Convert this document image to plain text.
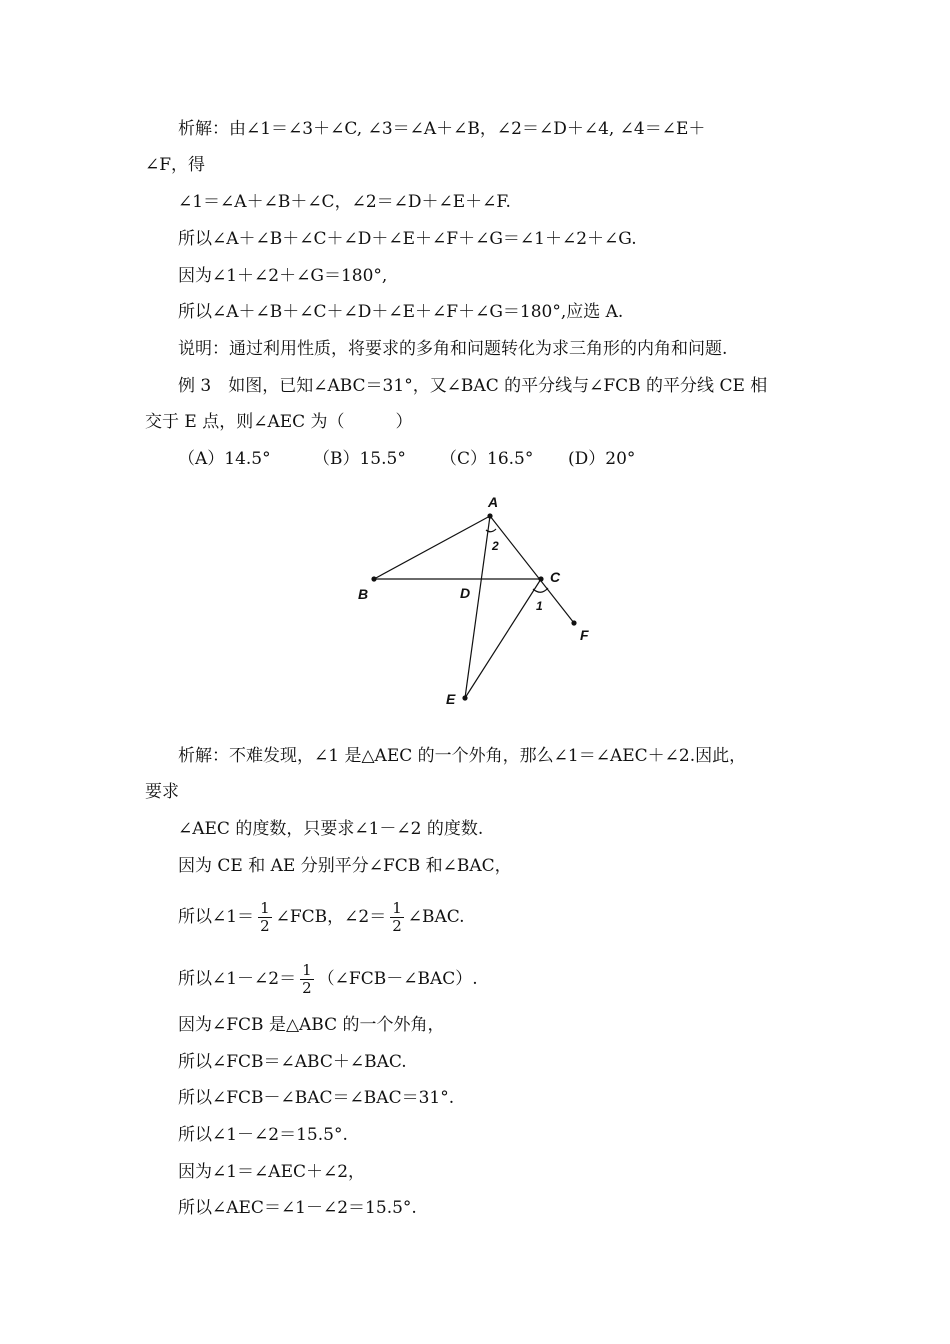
析解：由∠1＝∠3＋∠C, ∠3＝∠A＋∠B，∠2＝∠D＋∠4, ∠4＝∠E＋
∠F，得
∠1＝∠A＋∠B＋∠C，∠2＝∠D＋∠E＋∠F.
所以∠A＋∠B＋∠C＋∠D＋∠E＋∠F＋∠G＝∠1＋∠2＋∠G.
因为∠1＋∠2＋∠G＝180°,
所以∠A＋∠B＋∠C＋∠D＋∠E＋∠F＋∠G＝180°,应选 A.
说明：通过利用性质，将要求的多角和问题转化为求三角形的内角和问题.
例 3　如图，已知∠ABC＝31°，又∠BAC 的平分线与∠FCB 的平分线 CE 相
交于 E 点，则∠AEC 为（　　　）
（A）14.5° （B）15.5° （C）16.5° (D）20°
A
B
C
D
E
F
2
1
析解：不难发现，∠1 是△AEC 的一个外角，那么∠1＝∠AEC＋∠2.因此，
要求
∠AEC 的度数，只要求∠1－∠2 的度数.
因为 CE 和 AE 分别平分∠FCB 和∠BAC，
所以∠1＝ $\frac{1}{2}$ ∠FCB，∠2＝ $\frac{1}{2}$ ∠BAC.
所以∠1－∠2＝ $\frac{1}{2}$ （∠FCB－∠BAC）.
因为∠FCB 是△ABC 的一个外角，
所以∠FCB＝∠ABC＋∠BAC.
所以∠FCB－∠BAC＝∠BAC＝31°.
所以∠1－∠2＝15.5°.
因为∠1＝∠AEC＋∠2，
所以∠AEC＝∠1－∠2＝15.5°.
